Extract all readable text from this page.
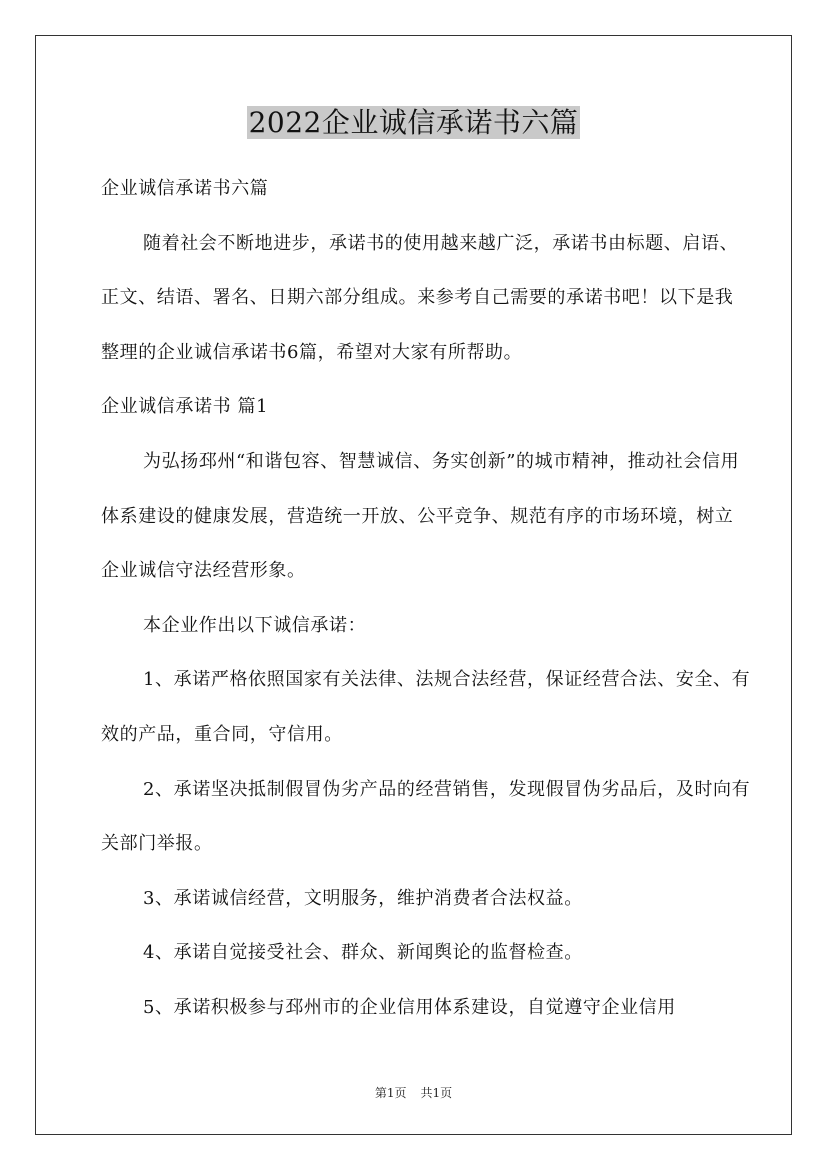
2022企业诚信承诺书六篇

企业诚信承诺书六篇

随着社会不断地进步，承诺书的使用越来越广泛，承诺书由标题、启语、正文、结语、署名、日期六部分组成。来参考自己需要的承诺书吧！以下是我整理的企业诚信承诺书6篇，希望对大家有所帮助。

企业诚信承诺书 篇1

为弘扬邳州“和谐包容、智慧诚信、务实创新”的城市精神，推动社会信用体系建设的健康发展，营造统一开放、公平竞争、规范有序的市场环境，树立企业诚信守法经营形象。

本企业作出以下诚信承诺：

1、承诺严格依照国家有关法律、法规合法经营，保证经营合法、安全、有效的产品，重合同，守信用。

2、承诺坚决抵制假冒伪劣产品的经营销售，发现假冒伪劣品后，及时向有关部门举报。

3、承诺诚信经营，文明服务，维护消费者合法权益。

4、承诺自觉接受社会、群众、新闻舆论的监督检查。

5、承诺积极参与邳州市的企业信用体系建设，自觉遵守企业信用

第1页 共1页
